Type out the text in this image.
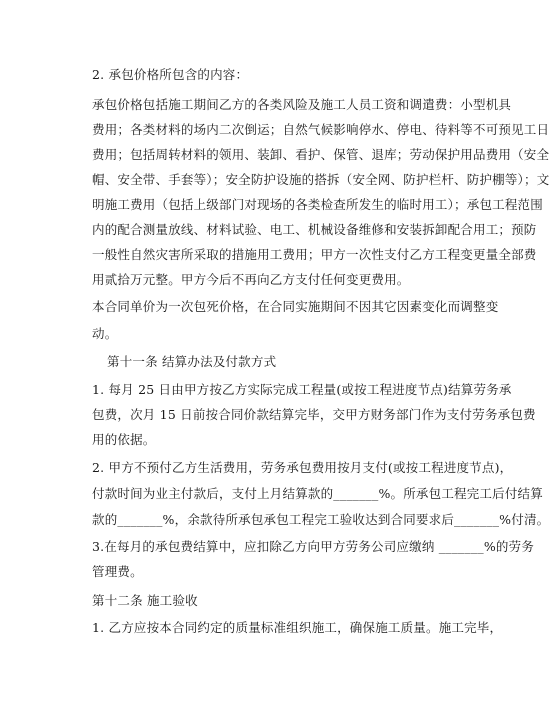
2. 承包价格所包含的内容：
承包价格包括施工期间乙方的各类风险及施工人员工资和调遣费：小型机具
费用；各类材料的场内二次倒运；自然气候影响停水、停电、待料等不可预见工日
费用；包括周转材料的领用、装卸、看护、保管、退库；劳动保护用品费用（安全
帽、安全带、手套等）；安全防护设施的搭拆（安全网、防护栏杆、防护棚等）；文
明施工费用（包括上级部门对现场的各类检查所发生的临时用工）；承包工程范围
内的配合测量放线、材料试验、电工、机械设备维修和安装拆卸配合用工；预防
一般性自然灾害所采取的措施用工费用；甲方一次性支付乙方工程变更量全部费
用贰拾万元整。甲方今后不再向乙方支付任何变更费用。
本合同单价为一次包死价格，在合同实施期间不因其它因素变化而调整变
动。
第十一条 结算办法及付款方式
1. 每月 25 日由甲方按乙方实际完成工程量(或按工程进度节点)结算劳务承
包费，次月 15 日前按合同价款结算完毕，交甲方财务部门作为支付劳务承包费
用的依据。
2. 甲方不预付乙方生活费用，劳务承包费用按月支付(或按工程进度节点)，
付款时间为业主付款后，支付上月结算款的_______%。所承包工程完工后付结算
款的_______%，余款待所承包承包工程完工验收达到合同要求后_______%付清。
3.在每月的承包费结算中，应扣除乙方向甲方劳务公司应缴纳 _______%的劳务
管理费。
第十二条 施工验收
1. 乙方应按本合同约定的质量标准组织施工，确保施工质量。施工完毕，
